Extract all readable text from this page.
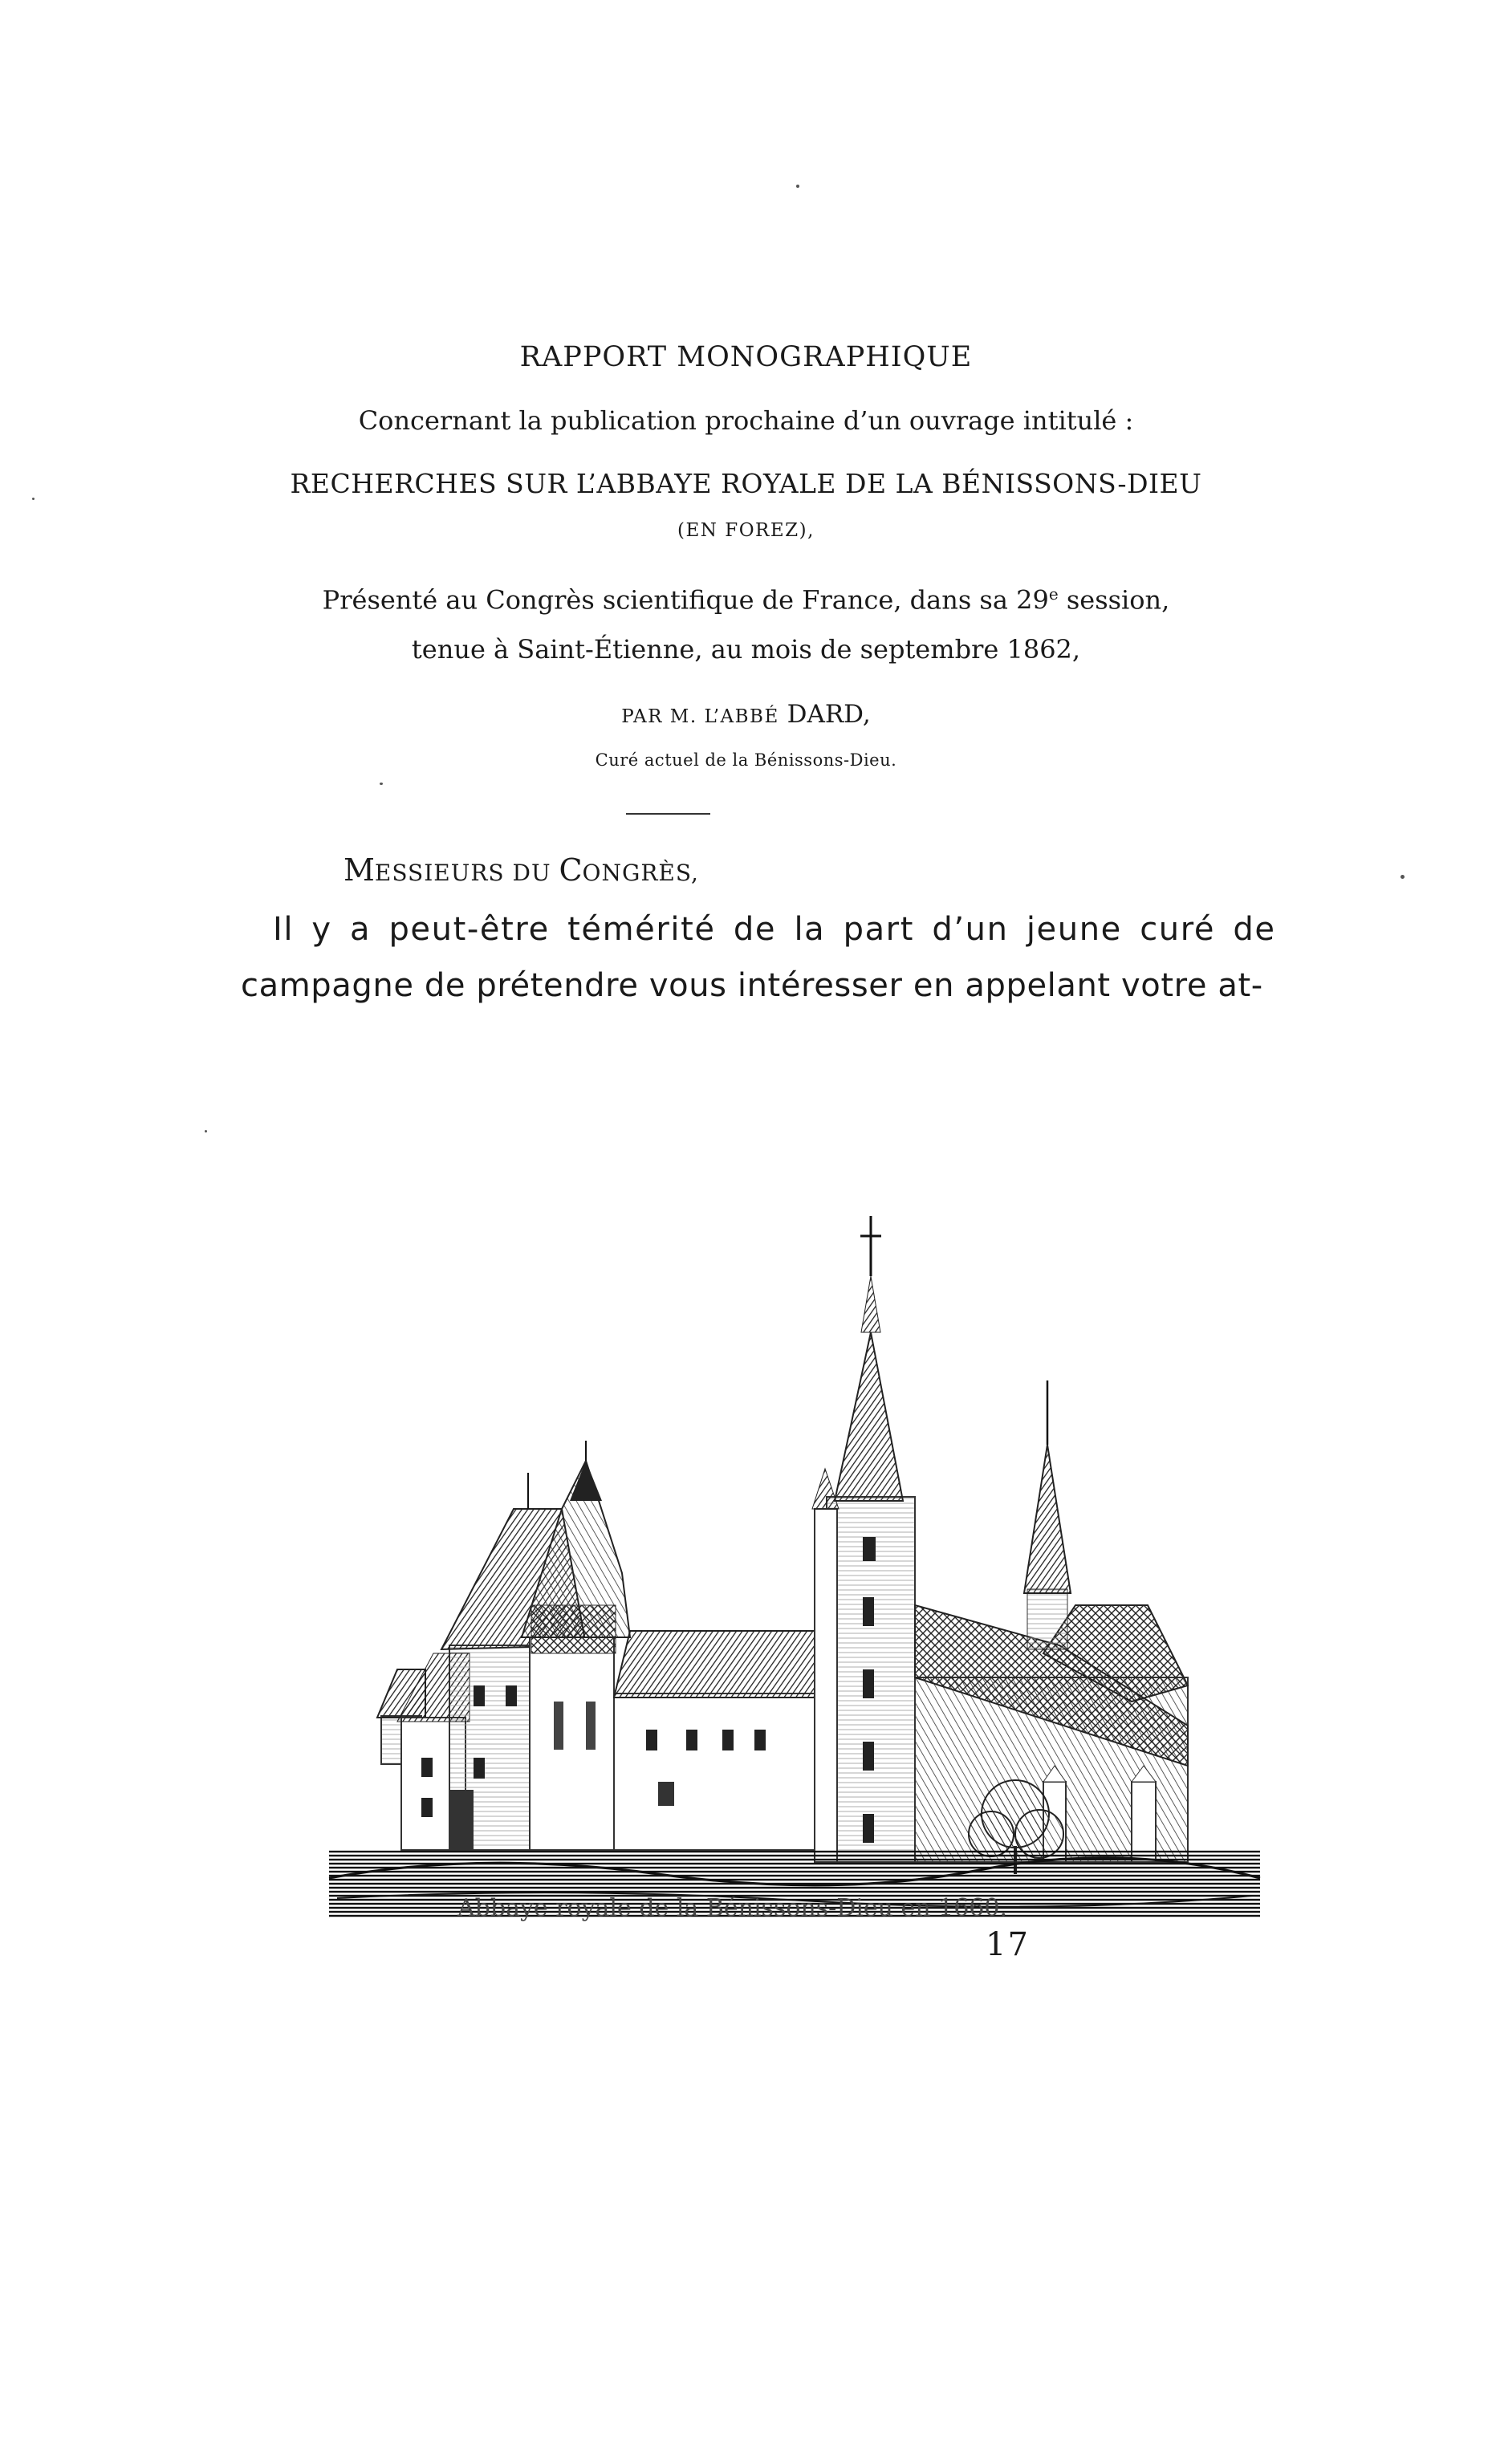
RAPPORT MONOGRAPHIQUE
Concernant la publication prochaine d’un ouvrage intitulé :
RECHERCHES SUR L’ABBAYE ROYALE DE LA BÉNISSONS-DIEU
(EN FOREZ),
Présenté au Congrès scientifique de France, dans sa 29e session,
tenue à Saint-Étienne, au mois de septembre 1862,
PAR M. L’ABBÉ DARD,
Curé actuel de la Bénissons-Dieu.
MESSIEURS DU CONGRÈS,
Il y a peut-être témérité de la part d’un jeune curé de
campagne de prétendre vous intéresser en appelant votre at-
Abbaye royale de la Bénissons-Dieu en 1660.
17
